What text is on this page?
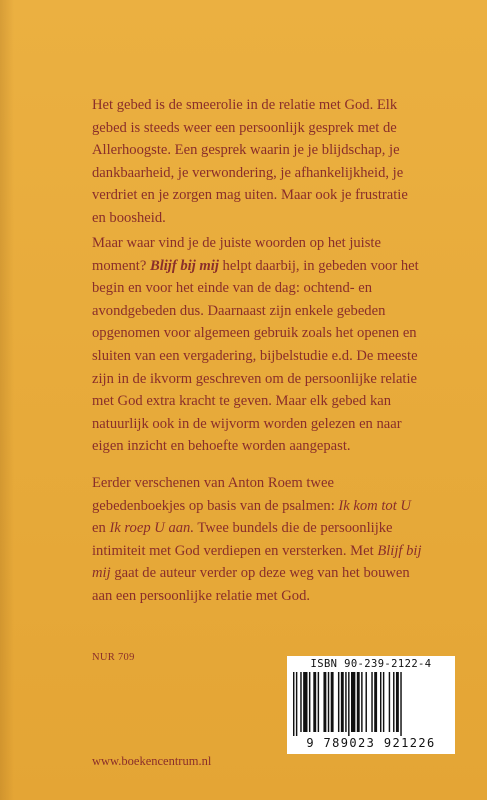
Het gebed is de smeerolie in de relatie met God. Elk gebed is steeds weer een persoonlijk gesprek met de Allerhoogste. Een gesprek waarin je je blijdschap, je dankbaarheid, je verwondering, je afhankelijkheid, je verdriet en je zorgen mag uiten. Maar ook je frustratie en boosheid.

Maar waar vind je de juiste woorden op het juiste moment? Blijf bij mij helpt daarbij, in gebeden voor het begin en voor het einde van de dag: ochtend- en avondgebeden dus. Daarnaast zijn enkele gebeden opgenomen voor algemeen gebruik zoals het openen en sluiten van een vergadering, bijbelstudie e.d. De meeste zijn in de ikvorm geschreven om de persoonlijke relatie met God extra kracht te geven. Maar elk gebed kan natuurlijk ook in de wijvorm worden gelezen en naar eigen inzicht en behoefte worden aangepast.

Eerder verschenen van Anton Roem twee gebedenboekjes op basis van de psalmen: Ik kom tot U en Ik roep U aan. Twee bundels die de persoonlijke intimiteit met God verdiepen en versterken. Met Blijf bij mij gaat de auteur verder op deze weg van het bouwen aan een persoonlijke relatie met God.

NUR 709
ISBN 90-239-2122-4
9 789023 921226
www.boekencentrum.nl
